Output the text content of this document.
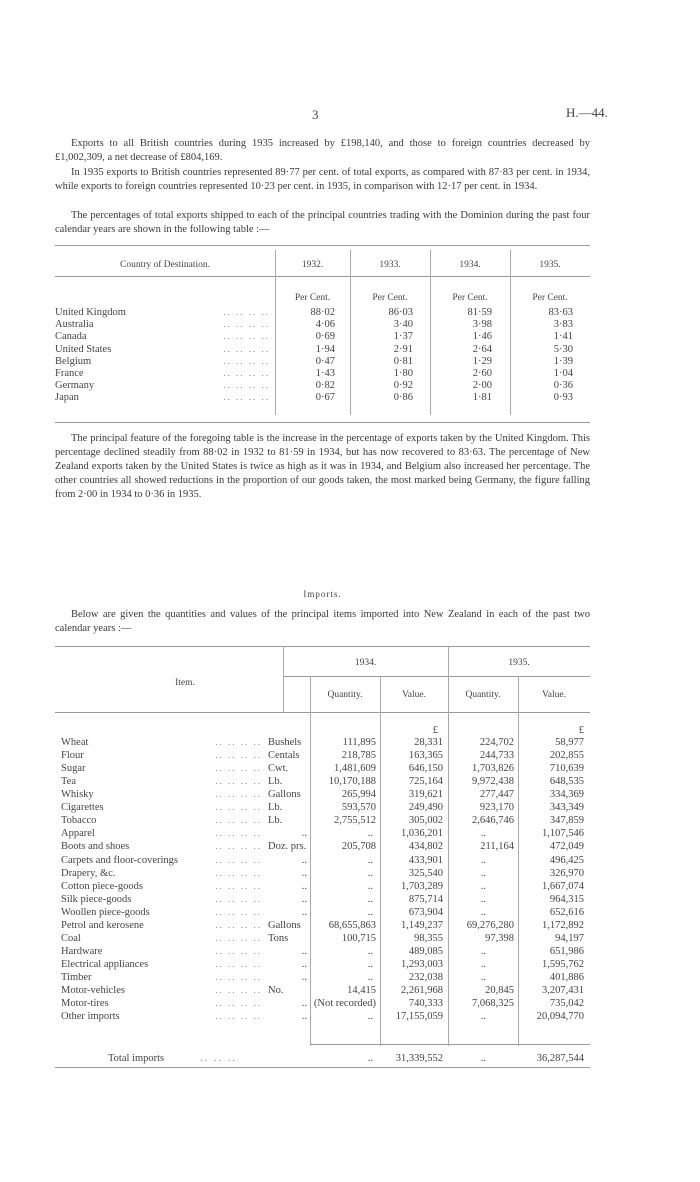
3	H.—44.
Exports to all British countries during 1935 increased by £198,140, and those to foreign countries decreased by £1,002,309, a net decrease of £804,169.
In 1935 exports to British countries represented 89·77 per cent. of total exports, as compared with 87·83 per cent. in 1934, while exports to foreign countries represented 10·23 per cent. in 1935, in comparison with 12·17 per cent. in 1934.
The percentages of total exports shipped to each of the principal countries trading with the Dominion during the past four calendar years are shown in the following table :—
Country of Destination.	1932.	1933.	1934.	1935.
Per Cent.	Per Cent.	Per Cent.	Per Cent.
United Kingdom	.. .. .. ..	88·02	86·03	81·59	83·63
Australia	.. .. .. ..	4·06	3·40	3·98	3·83
Canada	.. .. .. ..	0·69	1·37	1·46	1·41
United States	.. .. .. ..	1·94	2·91	2·64	5·30
Belgium	.. .. .. ..	0·47	0·81	1·29	1·39
France	.. .. .. ..	1·43	1·80	2·60	1·04
Germany	.. .. .. ..	0·82	0·92	2·00	0·36
Japan	.. .. .. ..	0·67	0·86	1·81	0·93
The principal feature of the foregoing table is the increase in the percentage of exports taken by the United Kingdom. This percentage declined steadily from 88·02 in 1932 to 81·59 in 1934, but has now recovered to 83·63. The percentage of New Zealand exports taken by the United States is twice as high as it was in 1934, and Belgium also increased her percentage. The other countries all showed reductions in the proportion of our goods taken, the most marked being Germany, the figure falling from 2·00 in 1934 to 0·36 in 1935.
Imports.
Below are given the quantities and values of the principal items imported into New Zealand in each of the past two calendar years :—
Item.
1934.	1935.
Quantity.	Value.	Quantity.	Value.
£	£
Wheat	.. .. .. .. Bushels	111,895	28,331	224,702	58,977
Flour	.. .. .. .. Centals	218,785	163,365	244,733	202,855
Sugar	.. .. .. .. Cwt.	1,481,609	646,150	1,703,826	710,639
Tea	.. .. .. .. Lb.	10,170,188	725,164	9,972,438	648,535
Whisky	.. .. .. .. Gallons	265,994	319,621	277,447	334,369
Cigarettes	.. .. .. .. Lb.	593,570	249,490	923,170	343,349
Tobacco	.. .. .. .. Lb.	2,755,512	305,002	2,646,746	347,859
Apparel	.. .. .. ..	..	..	1,036,201	..	1,107,546
Boots and shoes	.. .. .. .. Doz. prs.	205,708	434,802	211,164	472,049
Carpets and floor-coverings	.. .. .. ..	..	..	433,901	..	496,425
Drapery, &c.	.. .. .. ..	..	..	325,540	..	326,970
Cotton piece-goods	.. .. .. ..	..	..	1,703,289	..	1,667,074
Silk piece-goods	.. .. .. ..	..	..	875,714	..	964,315
Woollen piece-goods	.. .. .. ..	..	..	673,904	..	652,616
Petrol and kerosene	.. .. .. .. Gallons	68,655,863	1,149,237	69,276,280	1,172,892
Coal	.. .. .. .. Tons	100,715	98,355	97,398	94,197
Hardware	.. .. .. ..	..	..	489,085	..	651,986
Electrical appliances	.. .. .. ..	..	..	1,293,003	..	1,595,762
Timber	.. .. .. ..	..	..	232,038	..	401,886
Motor-vehicles	.. .. .. .. No.	14,415	2,261,968	20,845	3,207,431
Motor-tires	.. .. .. ..	.. (Not recorded)	740,333	7,068,325	735,042
Other imports	.. .. .. ..	..	..	17,155,059	..	20,094,770
Total imports	.. .. ..	..	31,339,552	..	36,287,544
